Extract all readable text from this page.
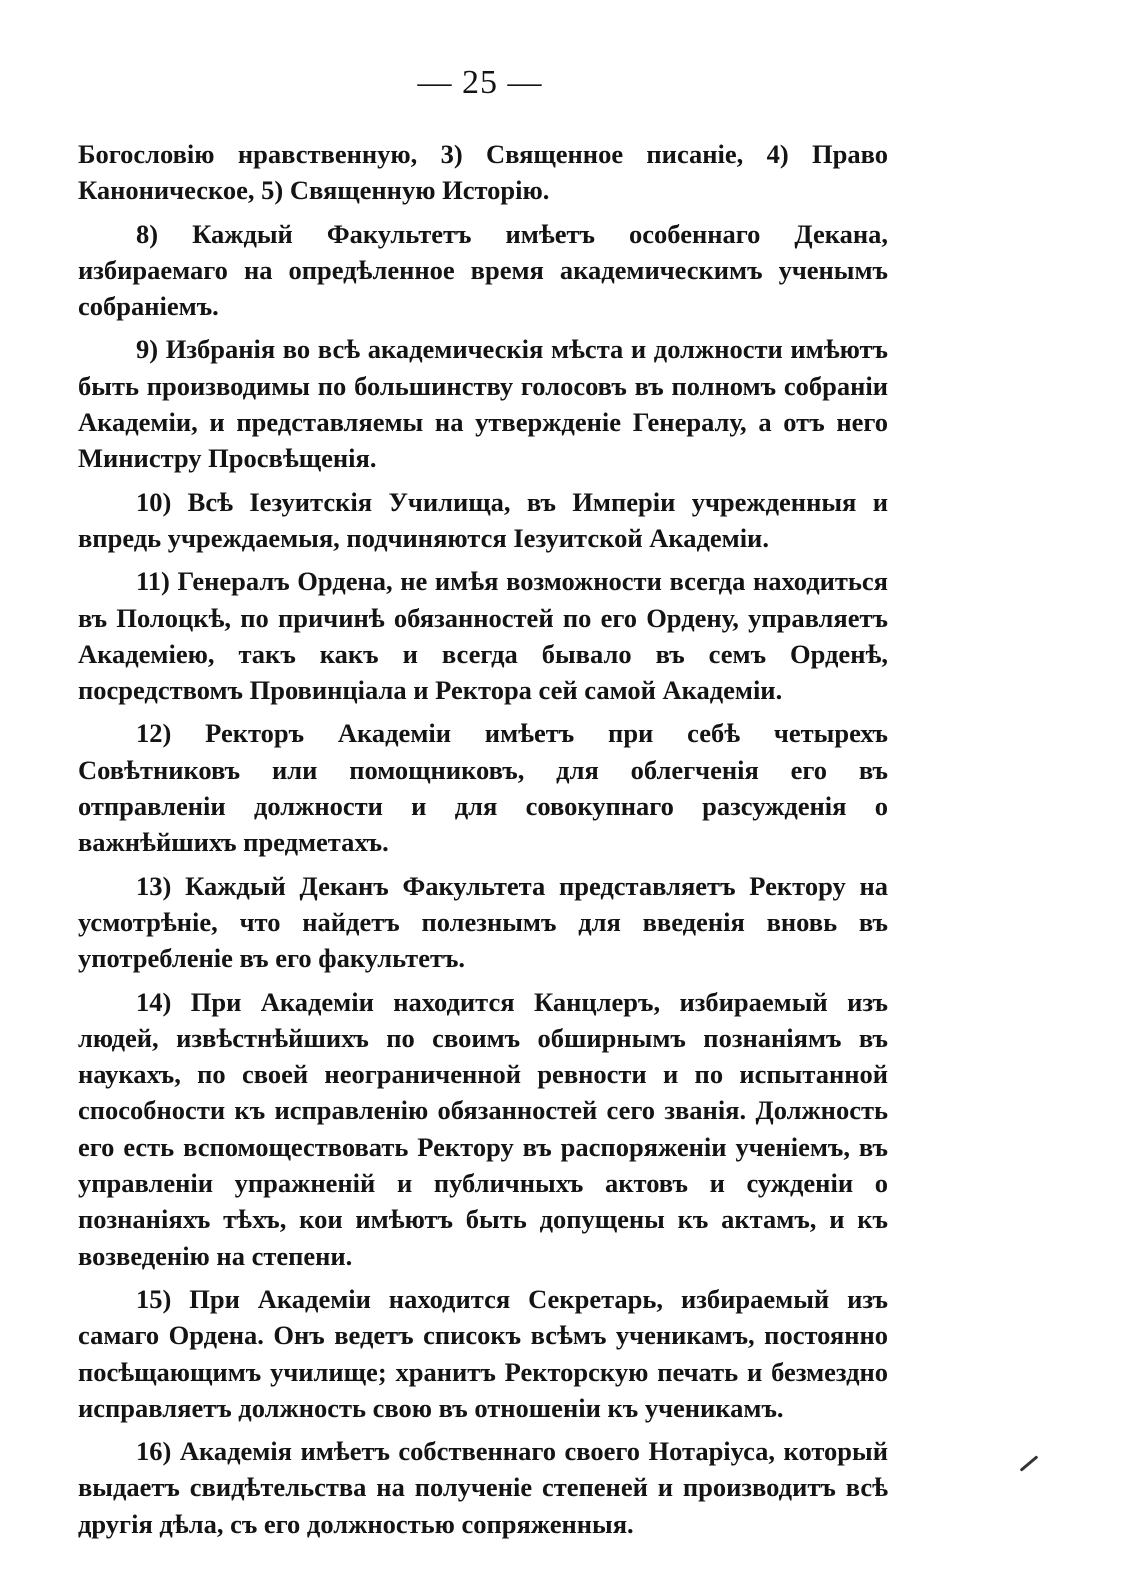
— 25 —

Богословію нравственную, 3) Священное писаніе, 4) Право Каноническое, 5) Священную Исторію.

8) Каждый Факультетъ имѣетъ особеннаго Декана, избираемаго на опредѣленное время академическимъ ученымъ собраніемъ.

9) Избранія во всѣ академическія мѣста и должности имѣютъ быть производимы по большинству голосовъ въ полномъ собраніи Академіи, и представляемы на утвержденіе Генералу, а отъ него Министру Просвѣщенія.

10) Всѣ Іезуитскія Училища, въ Имперіи учрежденныя и впредь учреждаемыя, подчиняются Іезуитской Академіи.

11) Генералъ Ордена, не имѣя возможности всегда находиться въ Полоцкѣ, по причинѣ обязанностей по его Ордену, управляетъ Академіею, такъ какъ и всегда бывало въ семъ Орденѣ, посредствомъ Провинціала и Ректора сей самой Академіи.

12) Ректоръ Академіи имѣетъ при себѣ четырехъ Совѣтниковъ или помощниковъ, для облегченія его въ отправленіи должности и для совокупнаго разсужденія о важнѣйшихъ предметахъ.

13) Каждый Деканъ Факультета представляетъ Ректору на усмотрѣніе, что найдетъ полезнымъ для введенія вновь въ употребленіе въ его факультетъ.

14) При Академіи находится Канцлеръ, избираемый изъ людей, извѣстнѣйшихъ по своимъ обширнымъ познаніямъ въ наукахъ, по своей неограниченной ревности и по испытанной способности къ исправленію обязанностей сего званія. Должность его есть вспомоществовать Ректору въ распоряженіи ученіемъ, въ управленіи упражненій и публичныхъ актовъ и сужденіи о познаніяхъ тѣхъ, кои имѣютъ быть допущены къ актамъ, и къ возведенію на степени.

15) При Академіи находится Секретарь, избираемый изъ самаго Ордена. Онъ ведетъ списокъ всѣмъ ученикамъ, постоянно посѣщающимъ училище; хранитъ Ректорскую печать и безмездно исправляетъ должность свою въ отношеніи къ ученикамъ.

16) Академія имѣетъ собственнаго своего Нотаріуса, который выдаетъ свидѣтельства на полученіе степеней и производитъ всѣ другія дѣла, съ его должностью сопряженныя.
